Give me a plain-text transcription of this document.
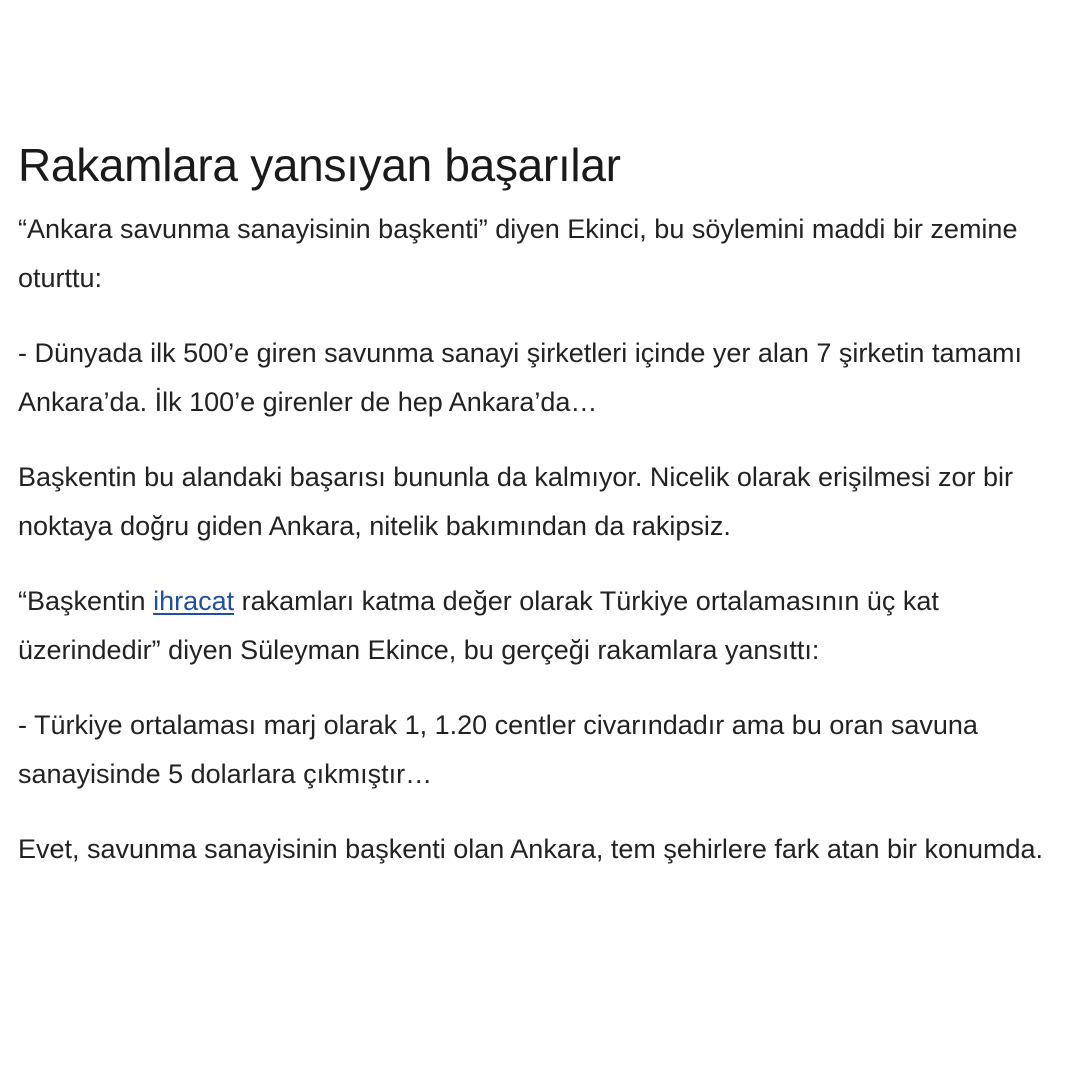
Rakamlara yansıyan başarılar

“Ankara savunma sanayisinin başkenti” diyen Ekinci, bu söylemini maddi bir zemine oturttu:

- Dünyada ilk 500’e giren savunma sanayi şirketleri içinde yer alan 7 şirketin tamamı Ankara’da. İlk 100’e girenler de hep Ankara’da…

Başkentin bu alandaki başarısı bununla da kalmıyor. Nicelik olarak erişilmesi zor bir noktaya doğru giden Ankara, nitelik bakımından da rakipsiz.

“Başkentin ihracat rakamları katma değer olarak Türkiye ortalamasının üç kat üzerindedir” diyen Süleyman Ekince, bu gerçeği rakamlara yansıttı:

- Türkiye ortalaması marj olarak 1, 1.20 centler civarındadır ama bu oran savuna sanayisinde 5 dolarlara çıkmıştır…

Evet, savunma sanayisinin başkenti olan Ankara, tem şehirlere fark atan bir konumda.
